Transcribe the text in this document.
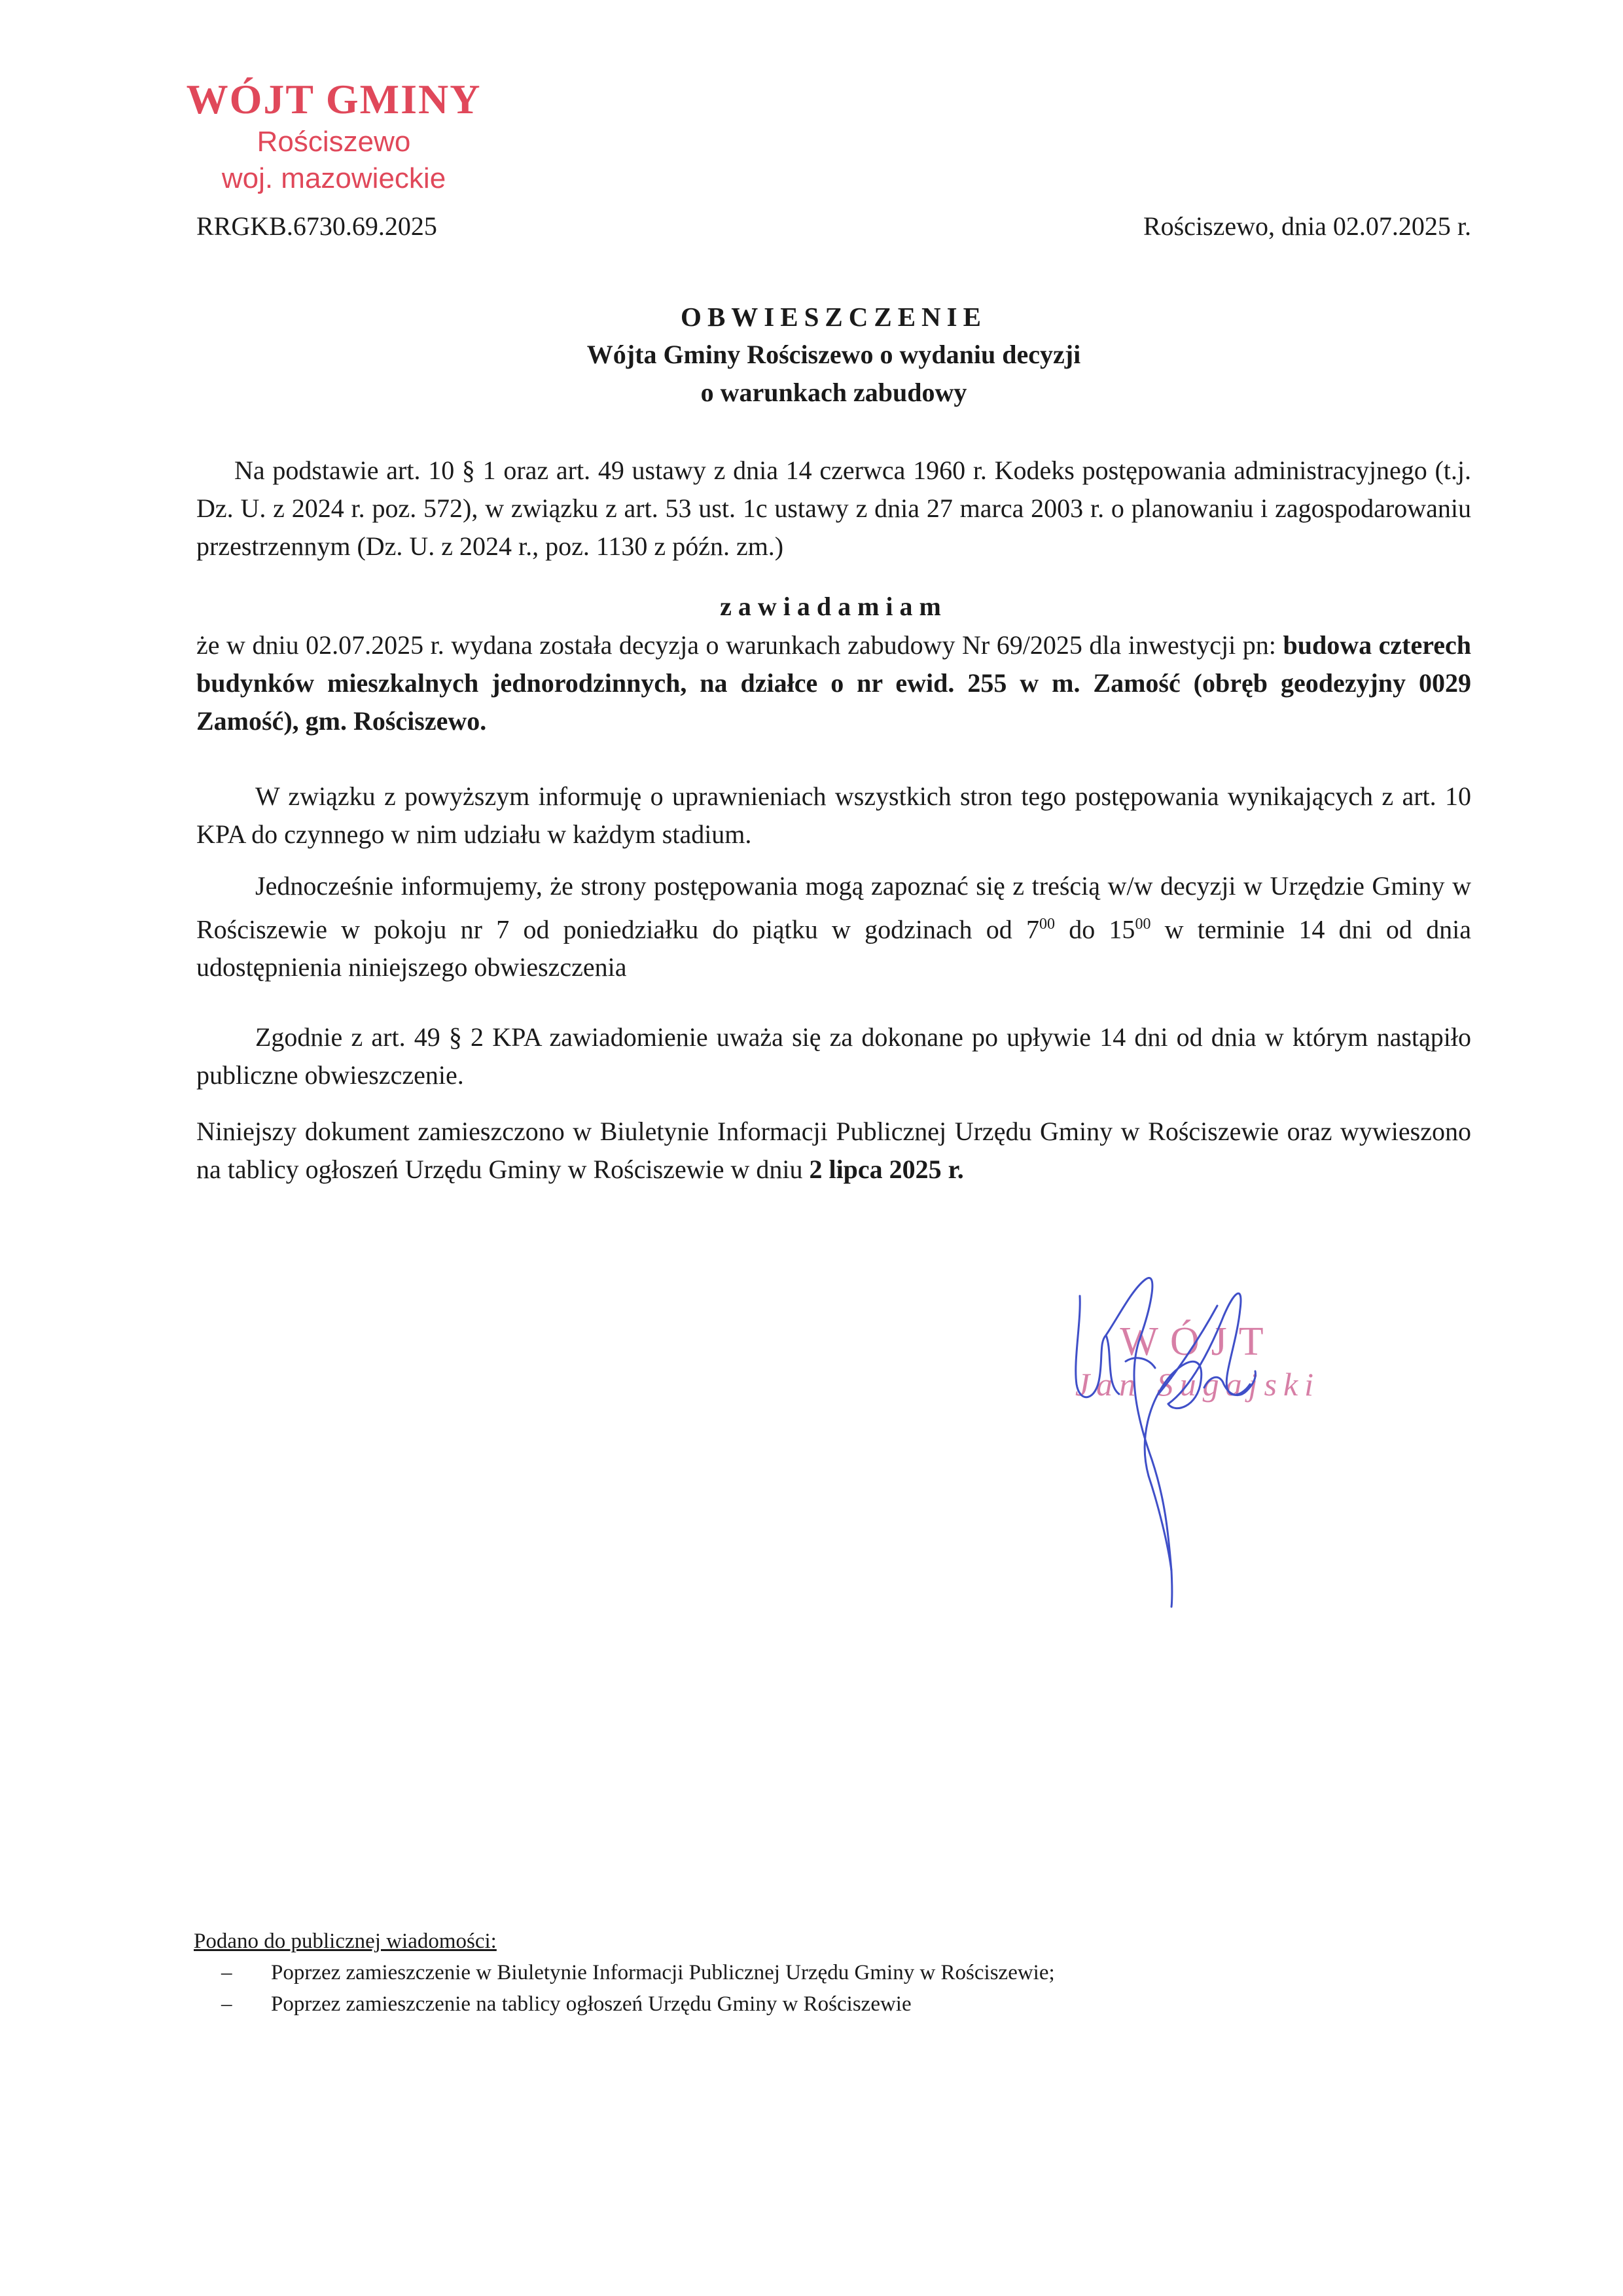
WÓJT GMINY
Rościszewo
woj. mazowieckie
RRGKB.6730.69.2025	Rościszewo, dnia 02.07.2025 r.
OBWIESZCZENIE
Wójta Gminy Rościszewo o wydaniu decyzji
o warunkach zabudowy
Na podstawie art. 10 § 1 oraz art. 49 ustawy z dnia 14 czerwca 1960 r. Kodeks postępowania administracyjnego (t.j. Dz. U. z 2024 r. poz. 572), w związku z art. 53 ust. 1c ustawy z dnia 27 marca 2003 r. o planowaniu i zagospodarowaniu przestrzennym (Dz. U. z 2024 r., poz. 1130 z późn. zm.)
zawiadamiam
że w dniu 02.07.2025 r. wydana została decyzja o warunkach zabudowy Nr 69/2025 dla inwestycji pn: budowa czterech budynków mieszkalnych jednorodzinnych, na działce o nr ewid. 255 w m. Zamość (obręb geodezyjny 0029 Zamość), gm. Rościszewo.
W związku z powyższym informuję o uprawnieniach wszystkich stron tego postępowania wynikających z art. 10 KPA do czynnego w nim udziału w każdym stadium.
Jednocześnie informujemy, że strony postępowania mogą zapoznać się z treścią w/w decyzji w Urzędzie Gminy w Rościszewie w pokoju nr 7 od poniedziałku do piątku w godzinach od $7^{00}$ do $15^{00}$ w terminie 14 dni od dnia udostępnienia niniejszego obwieszczenia
Zgodnie z art. 49 § 2 KPA zawiadomienie uważa się za dokonane po upływie 14 dni od dnia w którym nastąpiło publiczne obwieszczenie.
Niniejszy dokument zamieszczono w Biuletynie Informacji Publicznej Urzędu Gminy w Rościszewie oraz wywieszono na tablicy ogłoszeń Urzędu Gminy w Rościszewie w dniu 2 lipca 2025 r.
WÓJT
Jan Sugajski
Podano do publicznej wiadomości:
– Poprzez zamieszczenie w Biuletynie Informacji Publicznej Urzędu Gminy w Rościszewie;
– Poprzez zamieszczenie na tablicy ogłoszeń Urzędu Gminy w Rościszewie
